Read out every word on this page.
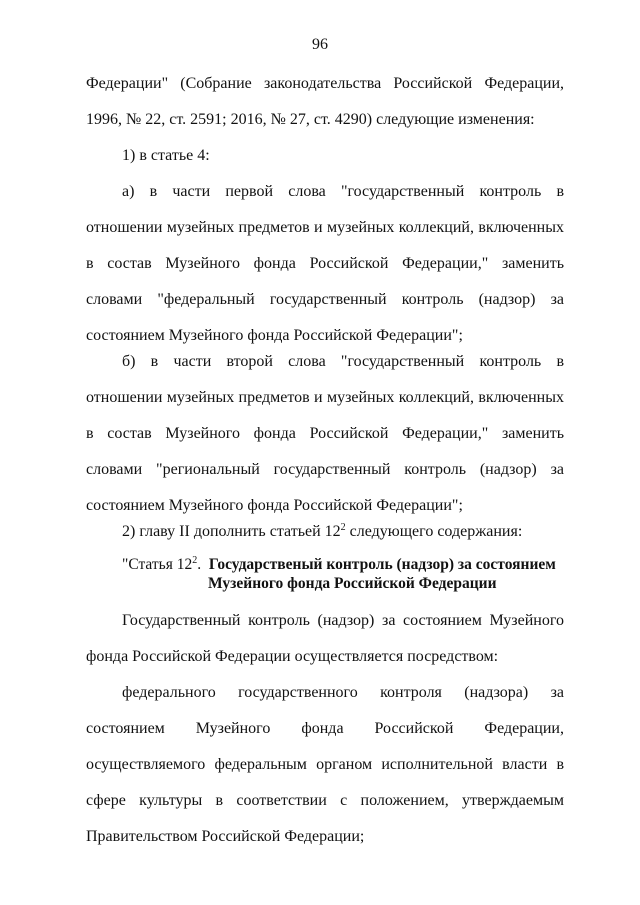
96

Федерации" (Собрание законодательства Российской Федерации, 1996, № 22, ст. 2591; 2016, № 27, ст. 4290) следующие изменения:

1) в статье 4:

а) в части первой слова "государственный контроль в отношении музейных предметов и музейных коллекций, включенных в состав Музейного фонда Российской Федерации," заменить словами "федеральный государственный контроль (надзор) за состоянием Музейного фонда Российской Федерации";

б) в части второй слова "государственный контроль в отношении музейных предметов и музейных коллекций, включенных в состав Музейного фонда Российской Федерации," заменить словами "региональный государственный контроль (надзор) за состоянием Музейного фонда Российской Федерации";

2) главу II дополнить статьей $12^2$ следующего содержания:

"Статья $12^2$. Государственый контроль (надзор) за состоянием
Музейного фонда Российской Федерации

Государственный контроль (надзор) за состоянием Музейного фонда Российской Федерации осуществляется посредством:

федерального государственного контроля (надзора) за состоянием Музейного фонда Российской Федерации, осуществляемого федеральным органом исполнительной власти в сфере культуры в соответствии с положением, утверждаемым Правительством Российской Федерации;
